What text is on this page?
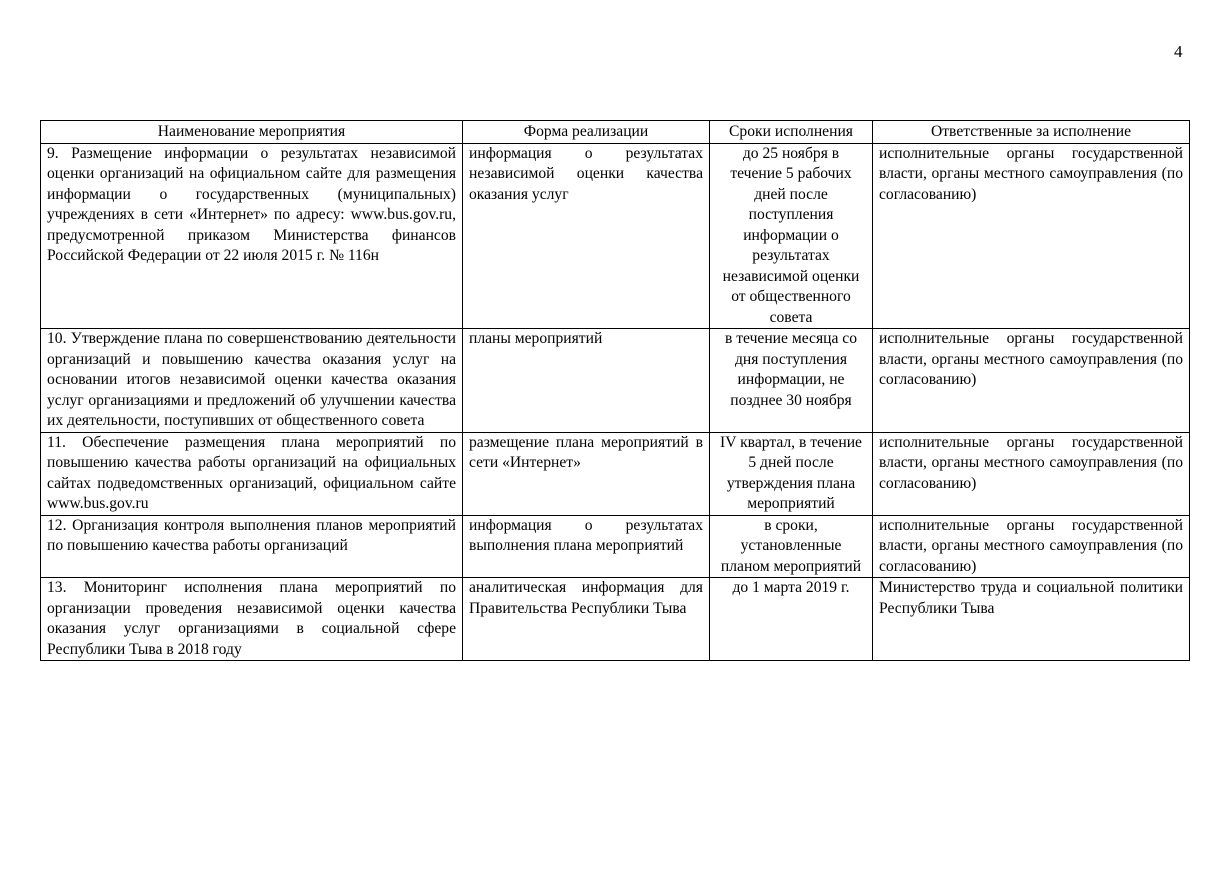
4
Наименование мероприятия	Форма реализации	Сроки исполнения	Ответственные за исполнение
9. Размещение информации о результатах независимой оценки организаций на официальном сайте для размещения информации о государственных (муниципальных) учреждениях в сети «Интернет» по адресу: www.bus.gov.ru, предусмотренной приказом Министерства финансов Российской Федерации от 22 июля 2015 г. № 116н	информация о результатах независимой оценки качества оказания услуг	до 25 ноября в течение 5 рабочих дней после поступления информации о результатах независимой оценки от общественного совета	исполнительные органы государственной власти, органы местного самоуправления (по согласованию)
10. Утверждение плана по совершенствованию деятельности организаций и повышению качества оказания услуг на основании итогов независимой оценки качества оказания услуг организациями и предложений об улучшении качества их деятельности, поступивших от общественного совета	планы мероприятий	в течение месяца со дня поступления информации, не позднее 30 ноября	исполнительные органы государственной власти, органы местного самоуправления (по согласованию)
11. Обеспечение размещения плана мероприятий по повышению качества работы организаций на официальных сайтах подведомственных организаций, официальном сайте www.bus.gov.ru	размещение плана мероприятий в сети «Интернет»	IV квартал, в течение 5 дней после утверждения плана мероприятий	исполнительные органы государственной власти, органы местного самоуправления (по согласованию)
12. Организация контроля выполнения планов мероприятий по повышению качества работы организаций	информация о результатах выполнения плана мероприятий	в сроки, установленные планом мероприятий	исполнительные органы государственной власти, органы местного самоуправления (по согласованию)
13. Мониторинг исполнения плана мероприятий по организации проведения независимой оценки качества оказания услуг организациями в социальной сфере Республики Тыва в 2018 году	аналитическая информация для Правительства Республики Тыва	до 1 марта 2019 г.	Министерство труда и социальной политики Республики Тыва
